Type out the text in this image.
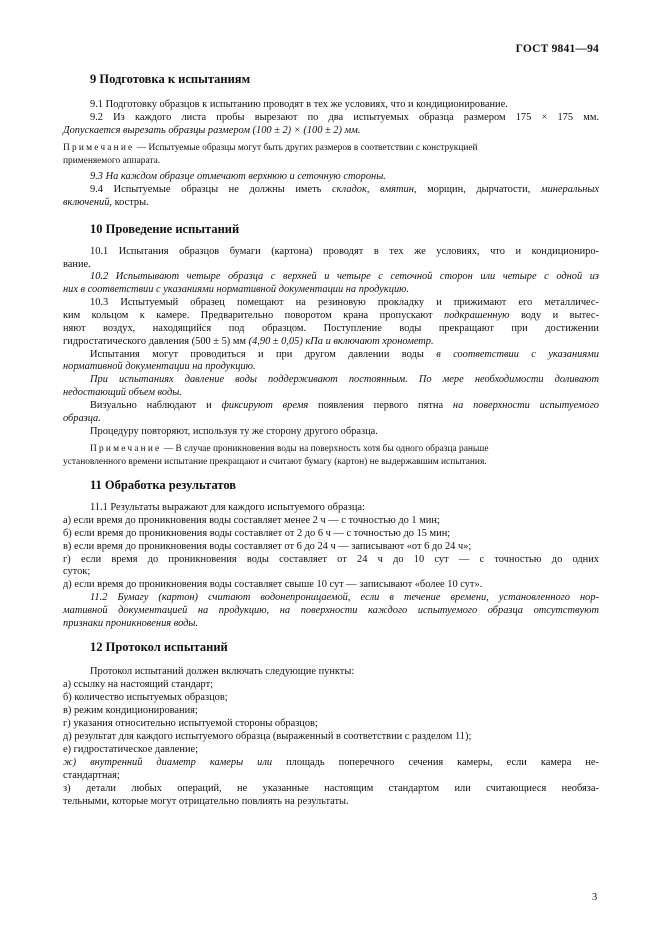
ГОСТ 9841—94
9 Подготовка к испытаниям
9.1 Подготовку образцов к испытанию проводят в тех же условиях, что и кондиционирование.
9.2 Из каждого листа пробы вырезают по два испытуемых образца размером 175 × 175 мм.
Допускается вырезать образцы размером (100 ± 2) × (100 ± 2) мм.
Примечание — Испытуемые образцы могут быть других размеров в соответствии с конструкцией
применяемого аппарата.
9.3 На каждом образце отмечают верхнюю и сеточную стороны.
9.4 Испытуемые образцы не должны иметь складок, вмятин, морщин, дырчатости, минеральных
включений, костры.
10 Проведение испытаний
10.1 Испытания образцов бумаги (картона) проводят в тех же условиях, что и кондициониро-
вание.
10.2 Испытывают четыре образца с верхней и четыре с сеточной сторон или четыре с одной из
них в соответствии с указаниями нормативной документации на продукцию.
10.3 Испытуемый образец помещают на резиновую прокладку и прижимают его металличес-
ким кольцом к камере. Предварительно поворотом крана пропускают подкрашенную воду и вытес-
няют воздух, находящийся под образцом. Поступление воды прекращают при достижении
гидростатического давления (500 ± 5) мм (4,90 ± 0,05) кПа и включают хронометр.
Испытания могут проводиться и при другом давлении воды в соответствии с указаниями
нормативной документации на продукцию.
При испытаниях давление воды поддерживают постоянным. По мере необходимости доливают
недостающий объем воды.
Визуально наблюдают и фиксируют время появления первого пятна на поверхности испытуемого
образца.
Процедуру повторяют, используя ту же сторону другого образца.
Примечание — В случае проникновения воды на поверхность хотя бы одного образца раньше
установленного времени испытание прекращают и считают бумагу (картон) не выдержавшим испытания.
11 Обработка результатов
11.1 Результаты выражают для каждого испытуемого образца:
а) если время до проникновения воды составляет менее 2 ч — с точностью до 1 мин;
б) если время до проникновения воды составляет от 2 до 6 ч — с точностью до 15 мин;
в) если время до проникновения воды составляет от 6 до 24 ч — записывают «от 6 до 24 ч»;
г) если время до проникновения воды составляет от 24 ч до 10 сут — с точностью до одних
суток;
д) если время до проникновения воды составляет свыше 10 сут — записывают «более 10 сут».
11.2 Бумагу (картон) считают водонепроницаемой, если в течение времени, установленного нор-
мативной документацией на продукцию, на поверхности каждого испытуемого образца отсутствуют
признаки проникновения воды.
12 Протокол испытаний
Протокол испытаний должен включать следующие пункты:
а) ссылку на настоящий стандарт;
б) количество испытуемых образцов;
в) режим кондиционирования;
г) указания относительно испытуемой стороны образцов;
д) результат для каждого испытуемого образца (выраженный в соответствии с разделом 11);
е) гидростатическое давление;
ж) внутренний диаметр камеры или площадь поперечного сечения камеры, если камера не-
стандартная;
з) детали любых операций, не указанные настоящим стандартом или считающиеся необяза-
тельными, которые могут отрицательно повлиять на результаты.
3
